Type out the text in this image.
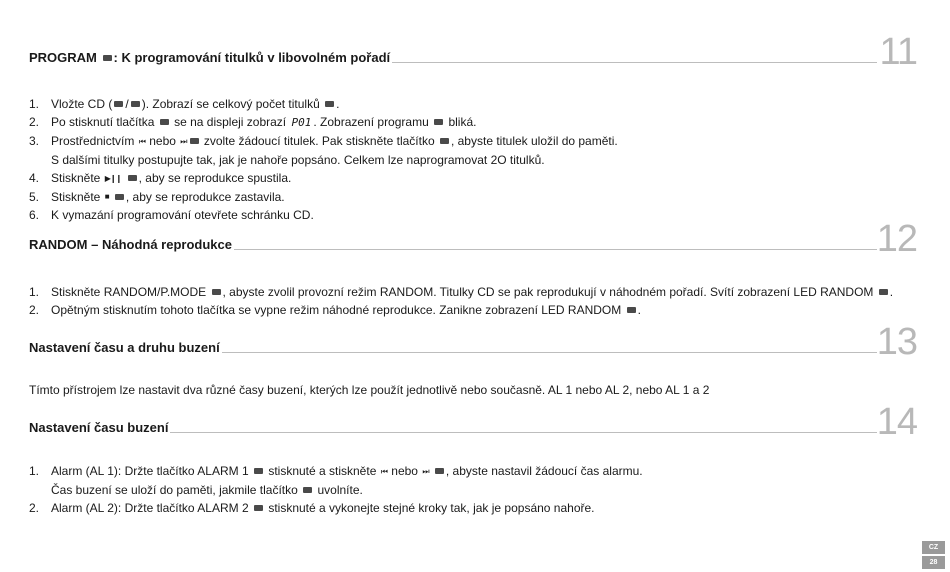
PROGRAM : K programování titulků v libovolném pořadí	11
1. Vložte CD ( / ). Zobrazí se celkový počet titulků .
2. Po stisknutí tlačítka se na displeji zobrazí P01 . Zobrazení programu bliká.
3. Prostřednictvím ⏮ nebo ⏭ zvolte žádoucí titulek. Pak stiskněte tlačítko , abyste titulek uložil do paměti.
S dalšími titulky postupujte tak, jak je nahoře popsáno. Celkem lze naprogramovat 2O titulků.
4. Stiskněte ▶❙❙ , aby se reprodukce spustila.
5. Stiskněte ■ , aby se reprodukce zastavila.
6. K vymazání programování otevřete schránku CD.
RANDOM – Náhodná reprodukce	12
1. Stiskněte RANDOM/P.MODE , abyste zvolil provozní režim RANDOM. Titulky CD se pak reprodukují v náhodném pořadí. Svítí zobrazení LED RANDOM .
2. Opětným stisknutím tohoto tlačítka se vypne režim náhodné reprodukce. Zanikne zobrazení LED RANDOM .
Nastavení času a druhu buzení	13
Tímto přístrojem lze nastavit dva různé časy buzení, kterých lze použít jednotlivě nebo současně. AL 1 nebo AL 2, nebo AL 1 a 2
Nastavení času buzení	14
1. Alarm (AL 1): Držte tlačítko ALARM 1 stisknuté a stiskněte ⏮ nebo ⏭ , abyste nastavil žádoucí čas alarmu.
Čas buzení se uloží do paměti, jakmile tlačítko uvolníte.
2. Alarm (AL 2): Držte tlačítko ALARM 2 stisknuté a vykonejte stejné kroky tak, jak je popsáno nahoře.
CZ
28
